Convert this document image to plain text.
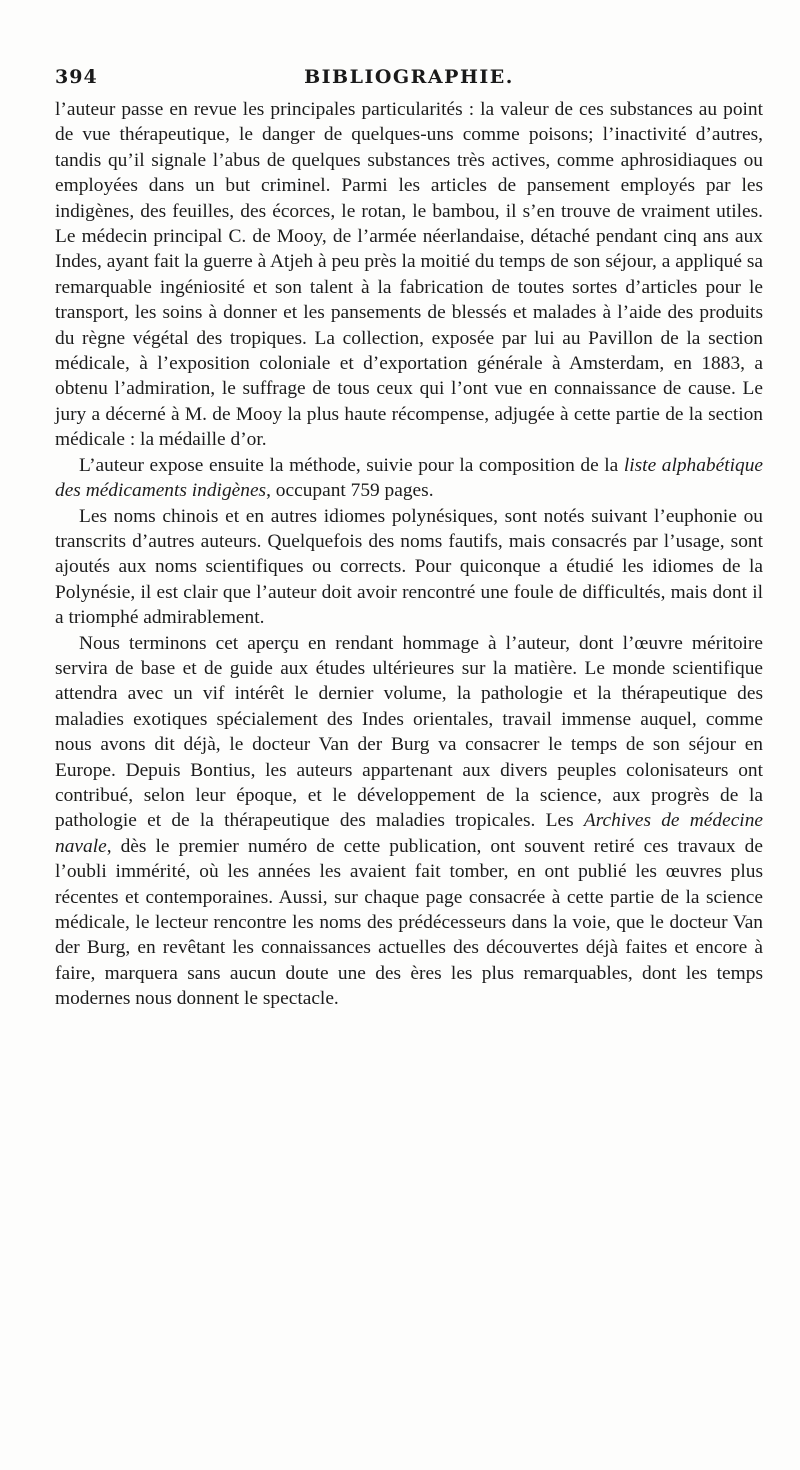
394	BIBLIOGRAPHIE.

l’auteur passe en revue les principales particularités : la valeur de ces substances au point de vue thérapeutique, le danger de quelques-uns comme poisons; l’inactivité d’autres, tandis qu’il signale l’abus de quelques substances très actives, comme aphrosidiaques ou employées dans un but criminel. Parmi les articles de pansement employés par les indigènes, des feuilles, des écorces, le rotan, le bambou, il s’en trouve de vraiment utiles. Le médecin principal C. de Mooy, de l’armée néerlandaise, détaché pendant cinq ans aux Indes, ayant fait la guerre à Atjeh à peu près la moitié du temps de son séjour, a appliqué sa remarquable ingéniosité et son talent à la fabrication de toutes sortes d’articles pour le transport, les soins à donner et les pansements de blessés et malades à l’aide des produits du règne végétal des tropiques. La collection, exposée par lui au Pavillon de la section médicale, à l’exposition coloniale et d’exportation générale à Amsterdam, en 1883, a obtenu l’admiration, le suffrage de tous ceux qui l’ont vue en connaissance de cause. Le jury a décerné à M. de Mooy la plus haute récompense, adjugée à cette partie de la section médicale : la médaille d’or.

L’auteur expose ensuite la méthode, suivie pour la composition de la liste alphabétique des médicaments indigènes, occupant 759 pages.

Les noms chinois et en autres idiomes polynésiques, sont notés suivant l’euphonie ou transcrits d’autres auteurs. Quelquefois des noms fautifs, mais consacrés par l’usage, sont ajoutés aux noms scientifiques ou corrects. Pour quiconque a étudié les idiomes de la Polynésie, il est clair que l’auteur doit avoir rencontré une foule de difficultés, mais dont il a triomphé admirablement.

Nous terminons cet aperçu en rendant hommage à l’auteur, dont l’œuvre méritoire servira de base et de guide aux études ultérieures sur la matière. Le monde scientifique attendra avec un vif intérêt le dernier volume, la pathologie et la thérapeutique des maladies exotiques spécialement des Indes orientales, travail immense auquel, comme nous avons dit déjà, le docteur Van der Burg va consacrer le temps de son séjour en Europe. Depuis Bontius, les auteurs appartenant aux divers peuples colonisateurs ont contribué, selon leur époque, et le développement de la science, aux progrès de la pathologie et de la thérapeutique des maladies tropicales. Les Archives de médecine navale, dès le premier numéro de cette publication, ont souvent retiré ces travaux de l’oubli immérité, où les années les avaient fait tomber, en ont publié les œuvres plus récentes et contemporaines. Aussi, sur chaque page consacrée à cette partie de la science médicale, le lecteur rencontre les noms des prédécesseurs dans la voie, que le docteur Van der Burg, en revêtant les connaissances actuelles des découvertes déjà faites et encore à faire, marquera sans aucun doute une des ères les plus remarquables, dont les temps modernes nous donnent le spectacle.
